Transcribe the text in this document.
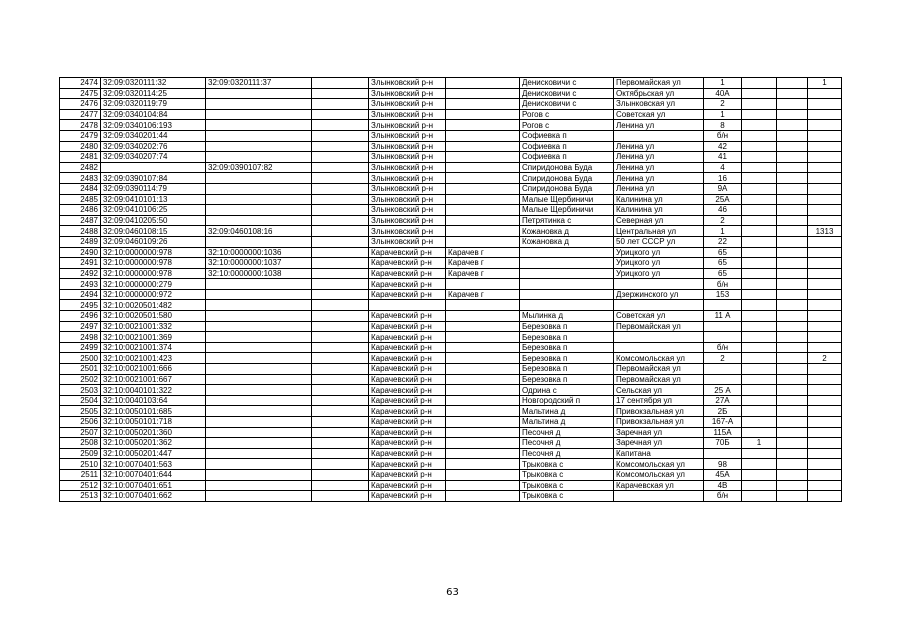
2474	32:09:0320111:32	32:09:0320111:37		Злынковский р-н		Денисковичи с	Первомайская ул	1			1
2475	32:09:0320114:25			Злынковский р-н		Денисковичи с	Октябрьская ул	40А			
2476	32:09:0320119:79			Злынковский р-н		Денисковичи с	Злынковская ул	2			
2477	32:09:0340104:84			Злынковский р-н		Рогов с	Советская ул	1			
2478	32:09:0340106:193			Злынковский р-н		Рогов с	Ленина ул	8			
2479	32:09:0340201:44			Злынковский р-н		Софиевка п		б/н			
2480	32:09:0340202:76			Злынковский р-н		Софиевка п	Ленина ул	42			
2481	32:09:0340207:74			Злынковский р-н		Софиевка п	Ленина ул	41			
2482		32:09:0390107:82		Злынковский р-н		Спиридонова Буда	Ленина ул	4			
2483	32:09:0390107:84			Злынковский р-н		Спиридонова Буда	Ленина ул	16			
2484	32:09:0390114:79			Злынковский р-н		Спиридонова Буда	Ленина ул	9А			
2485	32:09:0410101:13			Злынковский р-н		Малые Щербиничи	Калинина ул	25А			
2486	32:09:0410106:25			Злынковский р-н		Малые Щербиничи	Калинина ул	46			
2487	32:09:0410205:50			Злынковский р-н		Петрятинка с	Северная ул	2			
2488	32:09:0460108:15	32:09:0460108:16		Злынковский р-н		Кожановка д	Центральная ул	1			1313
2489	32:09:0460109:26			Злынковский р-н		Кожановка д	50 лет СССР ул	22			
2490	32:10:0000000:978	32:10:0000000:1036		Карачевский р-н	Карачев г		Урицкого ул	65			
2491	32:10:0000000:978	32:10:0000000:1037		Карачевский р-н	Карачев г		Урицкого ул	65			
2492	32:10:0000000:978	32:10:0000000:1038		Карачевский р-н	Карачев г		Урицкого ул	65			
2493	32:10:0000000:279			Карачевский р-н				б/н			
2494	32:10:0000000:972			Карачевский р-н	Карачев г		Дзержинского ул	153			
2495	32:10:0020501:482										
2496	32:10:0020501:580			Карачевский р-н		Мылинка д	Советская ул	11 А			
2497	32:10:0021001:332			Карачевский р-н		Березовка п	Первомайская ул				
2498	32:10:0021001:369			Карачевский р-н		Березовка п					
2499	32:10:0021001:374			Карачевский р-н		Березовка п		б/н			
2500	32:10:0021001:423			Карачевский р-н		Березовка п	Комсомольская ул	2			2
2501	32:10:0021001:666			Карачевский р-н		Березовка п	Первомайская ул				
2502	32:10:0021001:667			Карачевский р-н		Березовка п	Первомайская ул				
2503	32:10:0040101:322			Карачевский р-н		Одрина с	Сельская ул	25 А			
2504	32:10:0040103:64			Карачевский р-н		Новгородский п	17 сентября ул	27А			
2505	32:10:0050101:685			Карачевский р-н		Мальтина д	Привокзальная ул	2Б			
2506	32:10:0050101:718			Карачевский р-н		Мальтина д	Привокзальная ул	167-А			
2507	32:10:0050201:360			Карачевский р-н		Песочня д	Заречная ул	115А			
2508	32:10:0050201:362			Карачевский р-н		Песочня д	Заречная ул	70Б	1		
2509	32:10:0050201:447			Карачевский р-н		Песочня д	Капитана				
2510	32:10:0070401:563			Карачевский р-н		Трыковка с	Комсомольская ул	98			
2511	32:10:0070401:644			Карачевский р-н		Трыковка с	Комсомольская ул	45А			
2512	32:10:0070401:651			Карачевский р-н		Трыковка с	Карачевская ул	4В			
2513	32:10:0070401:662			Карачевский р-н		Трыковка с		б/н			
63
